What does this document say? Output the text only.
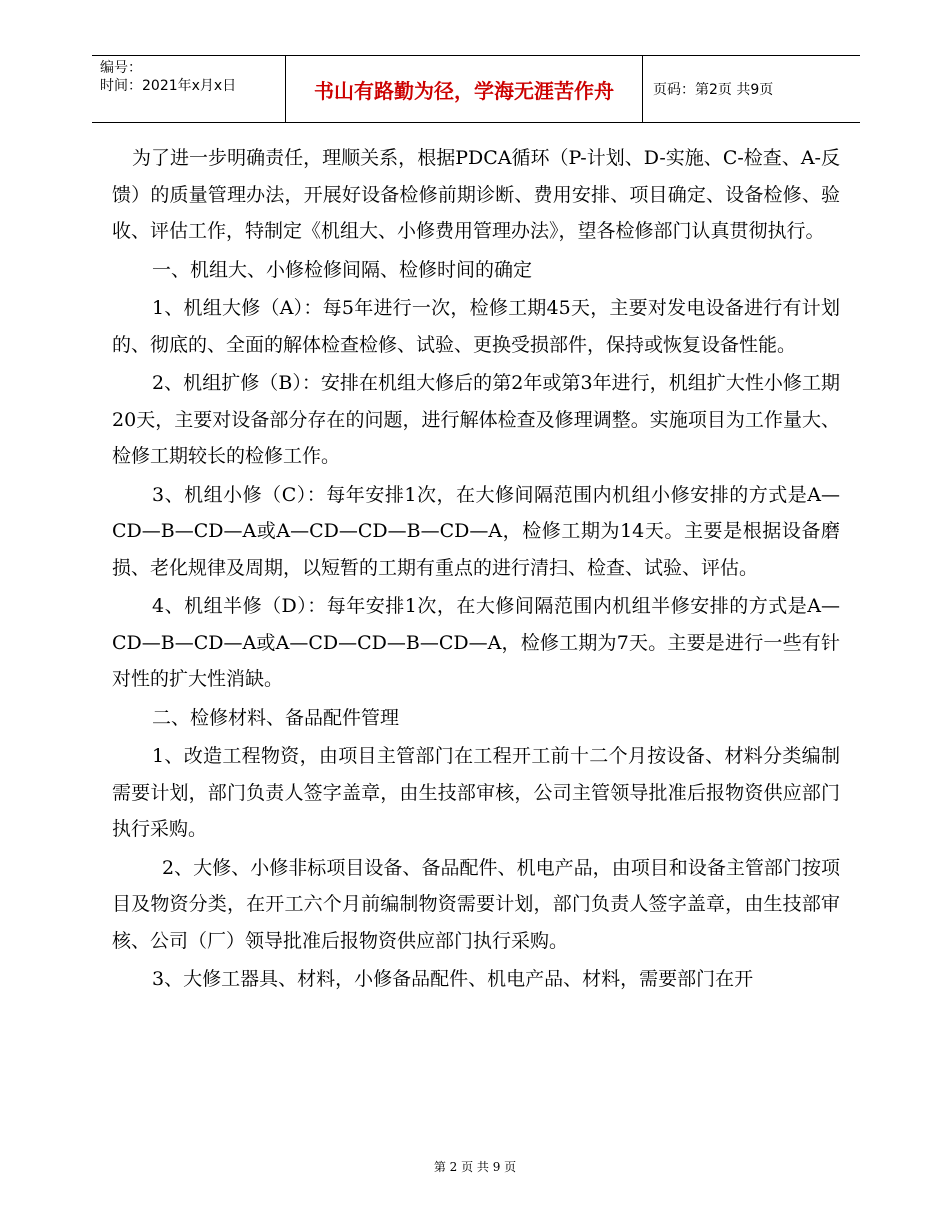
编号：
时间：2021年x月x日	书山有路勤为径，学海无涯苦作舟	页码：第2页 共9页

为了进一步明确责任，理顺关系，根据PDCA循环（P-计划、D-实施、C-检查、A-反馈）的质量管理办法，开展好设备检修前期诊断、费用安排、项目确定、设备检修、验收、评估工作，特制定《机组大、小修费用管理办法》，望各检修部门认真贯彻执行。

一、机组大、小修检修间隔、检修时间的确定

1、机组大修（A）：每5年进行一次，检修工期45天，主要对发电设备进行有计划的、彻底的、全面的解体检查检修、试验、更换受损部件，保持或恢复设备性能。

2、机组扩修（B）：安排在机组大修后的第2年或第3年进行，机组扩大性小修工期20天，主要对设备部分存在的问题，进行解体检查及修理调整。实施项目为工作量大、检修工期较长的检修工作。

3、机组小修（C）：每年安排1次，在大修间隔范围内机组小修安排的方式是A—CD—B—CD—A或A—CD—CD—B—CD—A，检修工期为14天。主要是根据设备磨损、老化规律及周期，以短暂的工期有重点的进行清扫、检查、试验、评估。

4、机组半修（D）：每年安排1次，在大修间隔范围内机组半修安排的方式是A—CD—B—CD—A或A—CD—CD—B—CD—A，检修工期为7天。主要是进行一些有针对性的扩大性消缺。

二、检修材料、备品配件管理

1、改造工程物资，由项目主管部门在工程开工前十二个月按设备、材料分类编制需要计划，部门负责人签字盖章，由生技部审核，公司主管领导批准后报物资供应部门执行采购。

2、大修、小修非标项目设备、备品配件、机电产品，由项目和设备主管部门按项目及物资分类，在开工六个月前编制物资需要计划，部门负责人签字盖章，由生技部审核、公司（厂）领导批准后报物资供应部门执行采购。

3、大修工器具、材料，小修备品配件、机电产品、材料，需要部门在开

第 2 页 共 9 页
